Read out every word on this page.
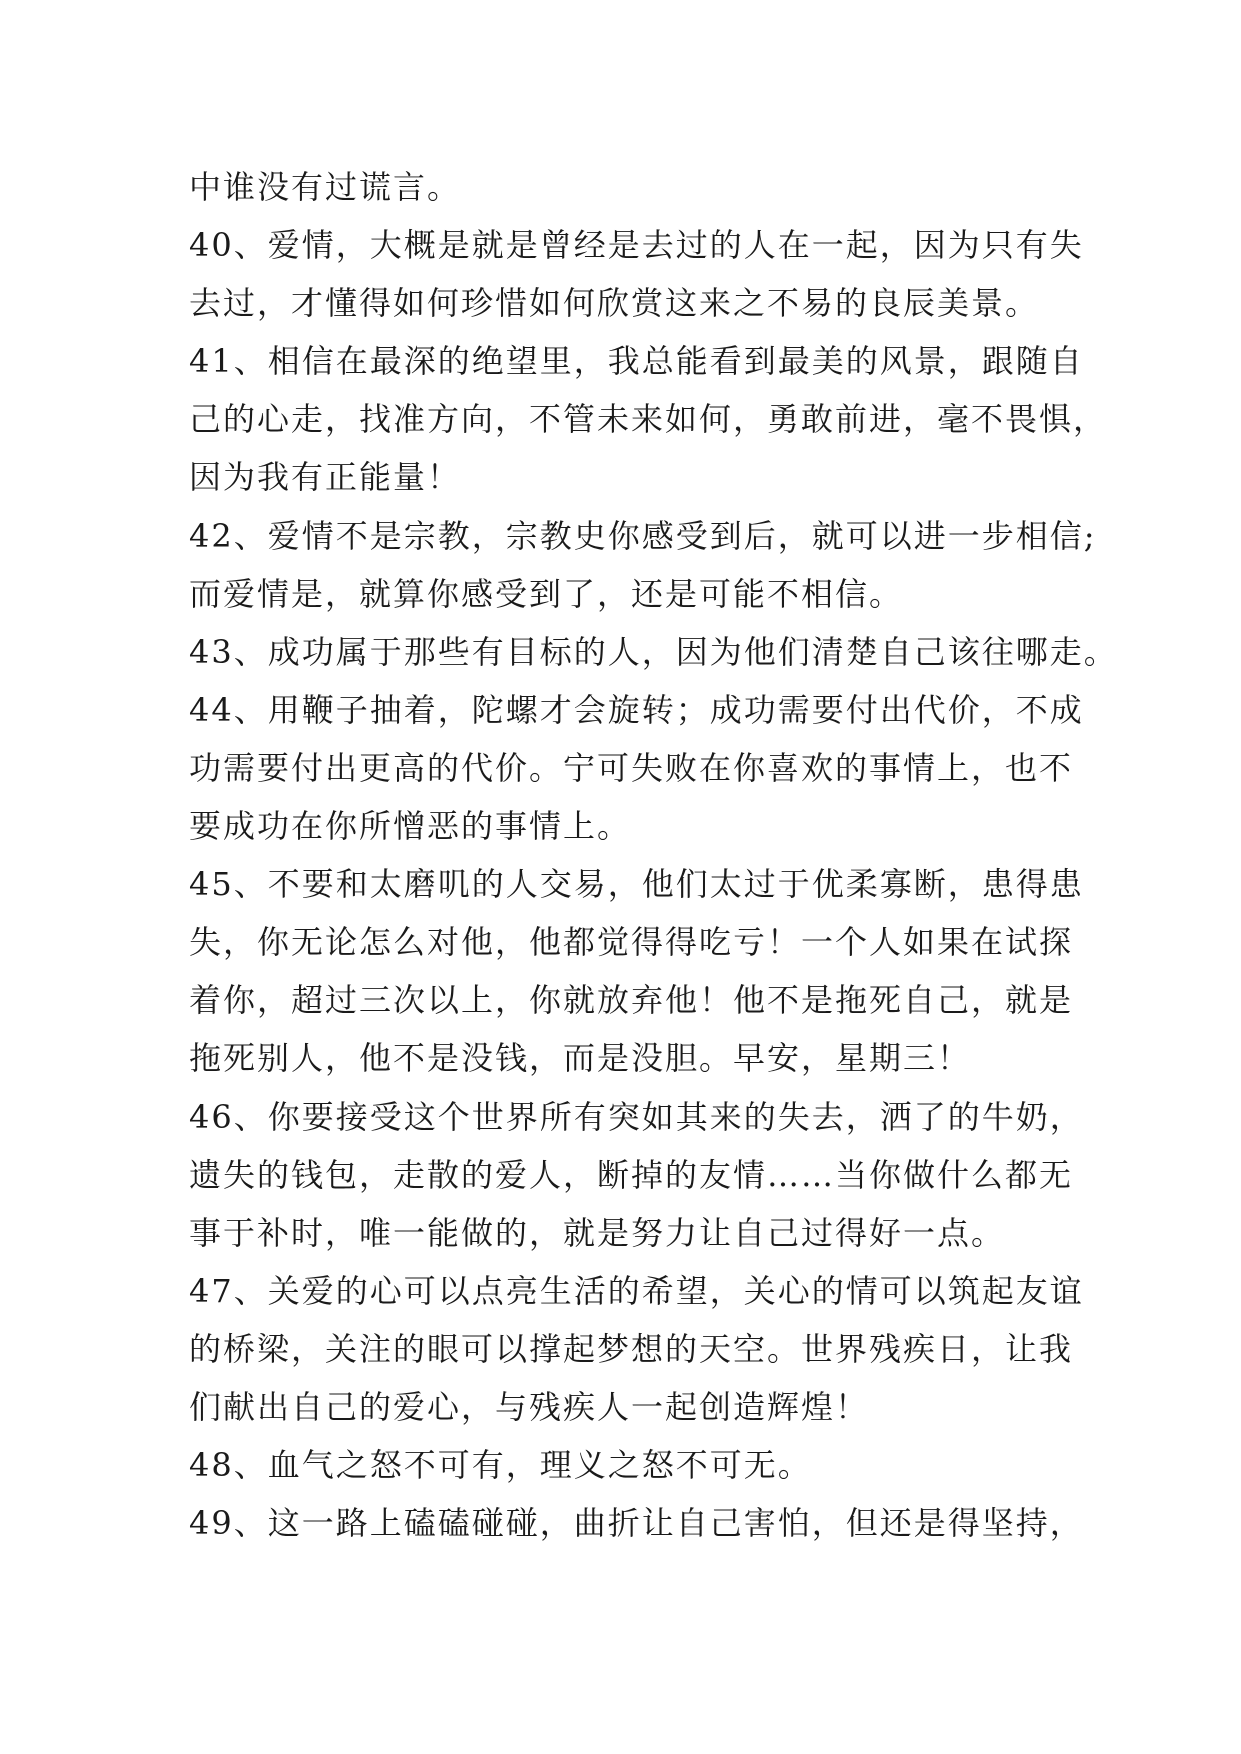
中谁没有过谎言。
40、爱情，大概是就是曾经是去过的人在一起，因为只有失
去过，才懂得如何珍惜如何欣赏这来之不易的良辰美景。
41、相信在最深的绝望里，我总能看到最美的风景，跟随自
己的心走，找准方向，不管未来如何，勇敢前进，毫不畏惧，
因为我有正能量！
42、爱情不是宗教，宗教史你感受到后，就可以进一步相信;
而爱情是，就算你感受到了，还是可能不相信。
43、成功属于那些有目标的人，因为他们清楚自己该往哪走。
44、用鞭子抽着，陀螺才会旋转；成功需要付出代价，不成
功需要付出更高的代价。宁可失败在你喜欢的事情上，也不
要成功在你所憎恶的事情上。
45、不要和太磨叽的人交易，他们太过于优柔寡断，患得患
失，你无论怎么对他，他都觉得得吃亏！一个人如果在试探
着你，超过三次以上，你就放弃他！他不是拖死自己，就是
拖死别人，他不是没钱，而是没胆。早安，星期三！
46、你要接受这个世界所有突如其来的失去，洒了的牛奶，
遗失的钱包，走散的爱人，断掉的友情……当你做什么都无
事于补时，唯一能做的，就是努力让自己过得好一点。
47、关爱的心可以点亮生活的希望，关心的情可以筑起友谊
的桥梁，关注的眼可以撑起梦想的天空。世界残疾日，让我
们献出自己的爱心，与残疾人一起创造辉煌！
48、血气之怒不可有，理义之怒不可无。
49、这一路上磕磕碰碰，曲折让自己害怕，但还是得坚持，
